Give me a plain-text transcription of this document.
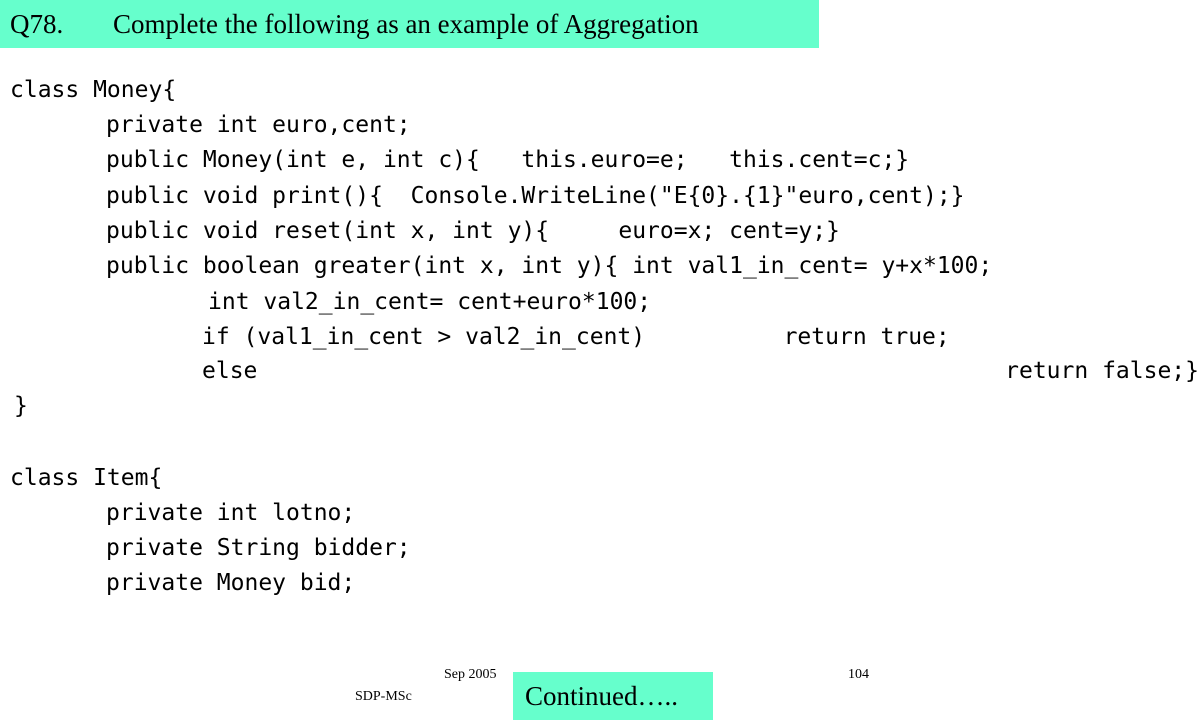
Q78. Complete the following as an example of Aggregation
class Money{
private int euro,cent;
public Money(int e, int c){   this.euro=e;   this.cent=c;}
public void print(){  Console.WriteLine("E{0}.{1}"euro,cent);}
public void reset(int x, int y){     euro=x; cent=y;}
public boolean greater(int x, int y){ int val1_in_cent= y+x*100;
int val2_in_cent= cent+euro*100;
if (val1_in_cent > val2_in_cent)          return true;
else                                                      return false;}
}
class Item{
private int lotno;
private String bidder;
private Money bid;
Sep 2005
SDP-MSc
104
Continued…..
